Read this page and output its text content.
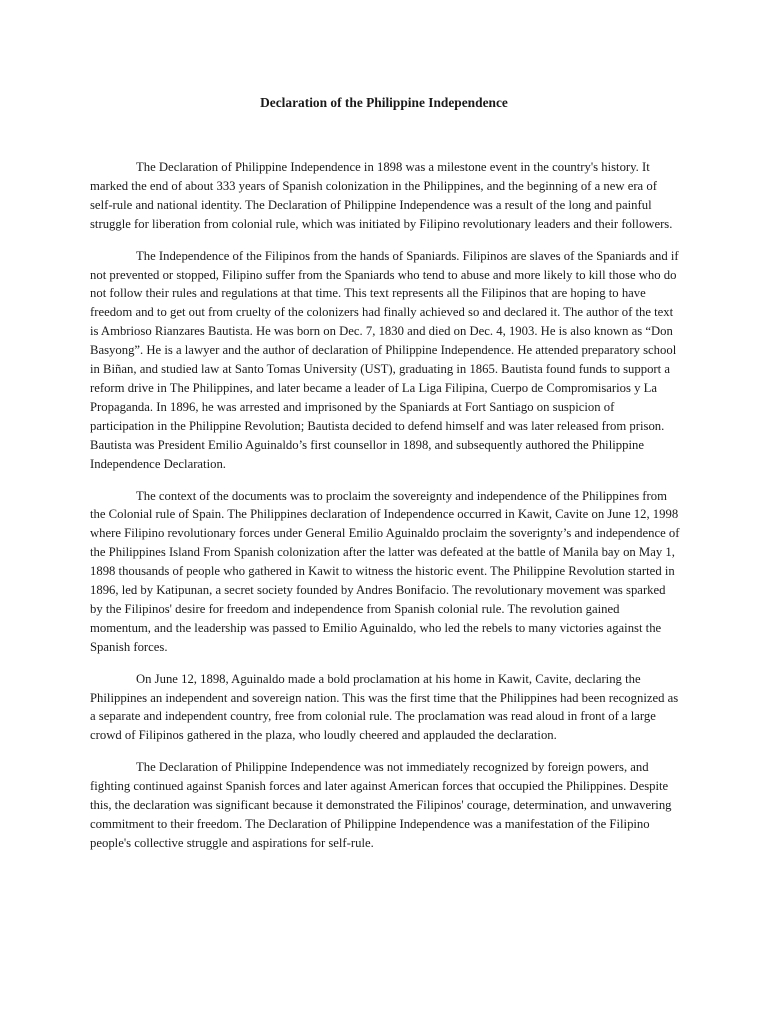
Declaration of the Philippine Independence

The Declaration of Philippine Independence in 1898 was a milestone event in the country's history. It marked the end of about 333 years of Spanish colonization in the Philippines, and the beginning of a new era of self-rule and national identity. The Declaration of Philippine Independence was a result of the long and painful struggle for liberation from colonial rule, which was initiated by Filipino revolutionary leaders and their followers.

The Independence of the Filipinos from the hands of Spaniards. Filipinos are slaves of the Spaniards and if not prevented or stopped, Filipino suffer from the Spaniards who tend to abuse and more likely to kill those who do not follow their rules and regulations at that time. This text represents all the Filipinos that are hoping to have freedom and to get out from cruelty of the colonizers had finally achieved so and declared it. The author of the text is Ambrioso Rianzares Bautista. He was born on Dec. 7, 1830 and died on Dec. 4, 1903. He is also known as “Don Basyong”. He is a lawyer and the author of declaration of Philippine Independence. He attended preparatory school in Biñan, and studied law at Santo Tomas University (UST), graduating in 1865. Bautista found funds to support a reform drive in The Philippines, and later became a leader of La Liga Filipina, Cuerpo de Compromisarios y La Propaganda. In 1896, he was arrested and imprisoned by the Spaniards at Fort Santiago on suspicion of participation in the Philippine Revolution; Bautista decided to defend himself and was later released from prison. Bautista was President Emilio Aguinaldo’s first counsellor in 1898, and subsequently authored the Philippine Independence Declaration.

The context of the documents was to proclaim the sovereignty and independence of the Philippines from the Colonial rule of Spain. The Philippines declaration of Independence occurred in Kawit, Cavite on June 12, 1998 where Filipino revolutionary forces under General Emilio Aguinaldo proclaim the soverignty’s and independence of the Philippines Island From Spanish colonization after the latter was defeated at the battle of Manila bay on May 1, 1898 thousands of people who gathered in Kawit to witness the historic event. The Philippine Revolution started in 1896, led by Katipunan, a secret society founded by Andres Bonifacio. The revolutionary movement was sparked by the Filipinos' desire for freedom and independence from Spanish colonial rule. The revolution gained momentum, and the leadership was passed to Emilio Aguinaldo, who led the rebels to many victories against the Spanish forces.

On June 12, 1898, Aguinaldo made a bold proclamation at his home in Kawit, Cavite, declaring the Philippines an independent and sovereign nation. This was the first time that the Philippines had been recognized as a separate and independent country, free from colonial rule. The proclamation was read aloud in front of a large crowd of Filipinos gathered in the plaza, who loudly cheered and applauded the declaration.

The Declaration of Philippine Independence was not immediately recognized by foreign powers, and fighting continued against Spanish forces and later against American forces that occupied the Philippines. Despite this, the declaration was significant because it demonstrated the Filipinos' courage, determination, and unwavering commitment to their freedom. The Declaration of Philippine Independence was a manifestation of the Filipino people's collective struggle and aspirations for self-rule.
